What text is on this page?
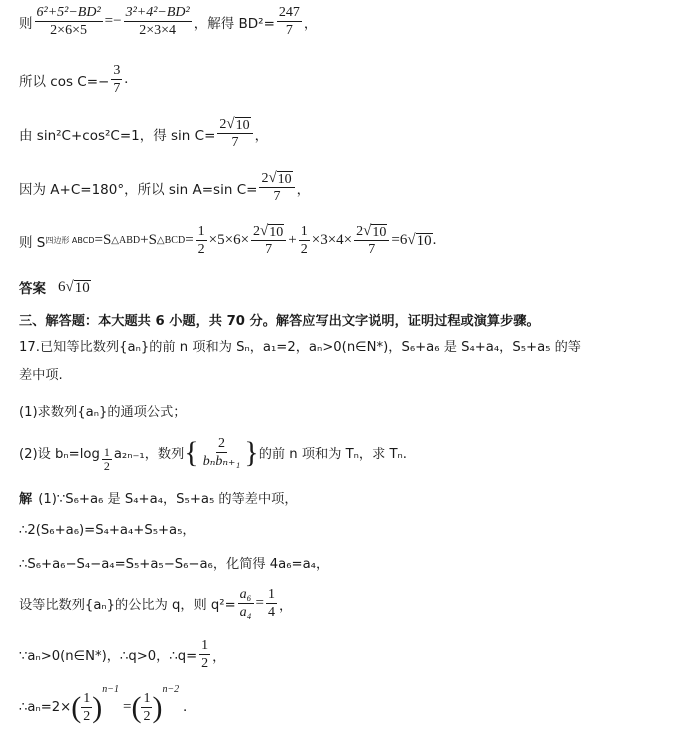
则 $\frac{\text{6²+5²−BD²}}{2\times 6\times 5} =- \frac{\text{3²+4²−BD²}}{2\times 3\times 4}$ ，解得 $BD^2= \frac{247}{7}$ ，
所以 $\cos C=- \frac{3}{7}$ .
由 sin²C+cos²C=1，得 $\sin C= \frac{2 √ 10}{7}$ ，
因为 A+C=180°，所以 sin A=sin $C= \frac{2 √ 10}{7}$ ，
则 S 四边形 ABCD =S △ABD +S △BCD = $\frac{1}{2} \times 5\times 6\times \frac{2 √ 10}{7} + \frac{1}{2} \times 3\times 4\times \frac{2 √ 10}{7} =6$ √ 10 .
答案 6 √ 10
三、解答题：本大题共 6 小题，共 70 分。解答应写出文字说明，证明过程或演算步骤。
17.已知等比数列{aₙ}的前 n 项和为 Sₙ，a₁=2，aₙ>0(n∈N*)，S₆+a₆ 是 S₄+a₄，S₅+a₅ 的等
差中项.
(1)求数列{aₙ}的通项公式；
(2)设 $b_n=\log \frac{1}{2} a_{2n-1}$，数列 { $\frac{2}{\text{bₙbₙ₊₁}}$ } 的前 n 项和为 Tₙ，求 Tₙ.
解 (1)∵S₆+a₆ 是 S₄+a₄，S₅+a₅ 的等差中项，
∴2(S₆+a₆)=S₄+a₄+S₅+a₅，
∴S₆+a₆−S₄−a₄=S₅+a₅−S₆−a₆，化简得 4a₆=a₄，
设等比数列{aₙ}的公比为 q，则 $q^2= \frac{\text{a₆}}{\text{a₄}} = \frac{1}{4}$ ，
∵aₙ>0(n∈N*)，∴q>0，∴q= $\frac{1}{2}$ ，
∴aₙ=2× ( $\frac{1}{2}$ )
n−1
= ( $\frac{1}{2}$ )
n−2
.
